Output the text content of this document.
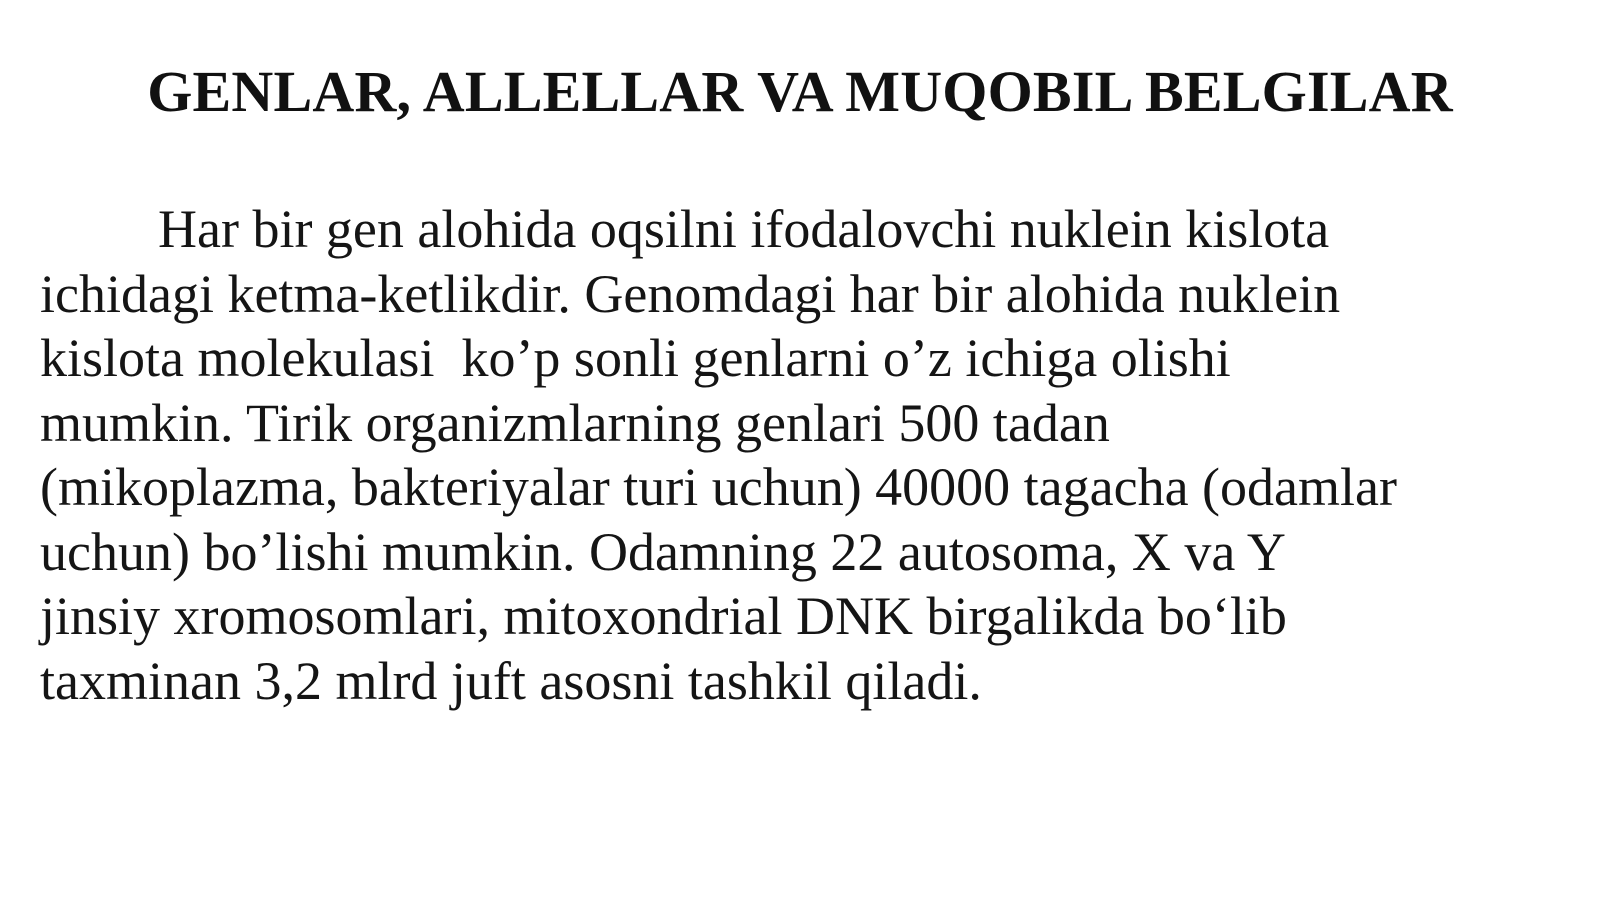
GENLAR, ALLELLAR VA MUQOBIL BELGILAR
Har bir gen alohida oqsilni ifodalovchi nuklein kislota
ichidagi ketma-ketlikdir. Genomdagi har bir alohida nuklein
kislota molekulasi  ko’p sonli genlarni o’z ichiga olishi
mumkin. Tirik organizmlarning genlari 500 tadan
(mikoplazma, bakteriyalar turi uchun) 40000 tagacha (odamlar
uchun) bo’lishi mumkin. Odamning 22 autosoma, X va Y
jinsiy xromosomlari, mitoxondrial DNK birgalikda bo‘lib
taxminan 3,2 mlrd juft asosni tashkil qiladi.
